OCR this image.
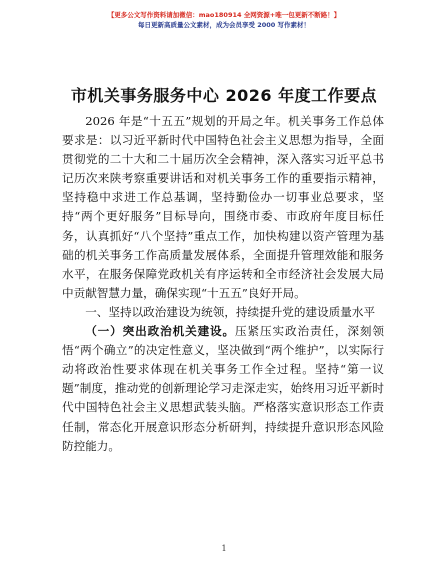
【更多公文写作资料请加微信：mao180914 全网资源+唯一包更新不断路！】
每日更新高质量公文素材，成为会员享受 2000 写作素材！
市机关事务服务中心 2026 年度工作要点

2026 年是“十五五”规划的开局之年。机关事务工作总体要求是：以习近平新时代中国特色社会主义思想为指导，全面贯彻党的二十大和二十届历次全会精神，深入落实习近平总书记历次来陕考察重要讲话和对机关事务工作的重要指示精神，坚持稳中求进工作总基调，坚持勤俭办一切事业总要求，坚持“两个更好服务”目标导向，围绕市委、市政府年度目标任务，认真抓好“八个坚持”重点工作，加快构建以资产管理为基础的机关事务工作高质量发展体系，全面提升管理效能和服务水平，在服务保障党政机关有序运转和全市经济社会发展大局中贡献智慧力量，确保实现“十五五”良好开局。

一、坚持以政治建设为统领，持续提升党的建设质量水平

（一）突出政治机关建设。压紧压实政治责任，深刻领悟“两个确立”的决定性意义，坚决做到“两个维护”，以实际行动将政治性要求体现在机关事务工作全过程。坚持“第一议题”制度，推动党的创新理论学习走深走实，始终用习近平新时代中国特色社会主义思想武装头脑。严格落实意识形态工作责任制，常态化开展意识形态分析研判，持续提升意识形态风险防控能力。

1
